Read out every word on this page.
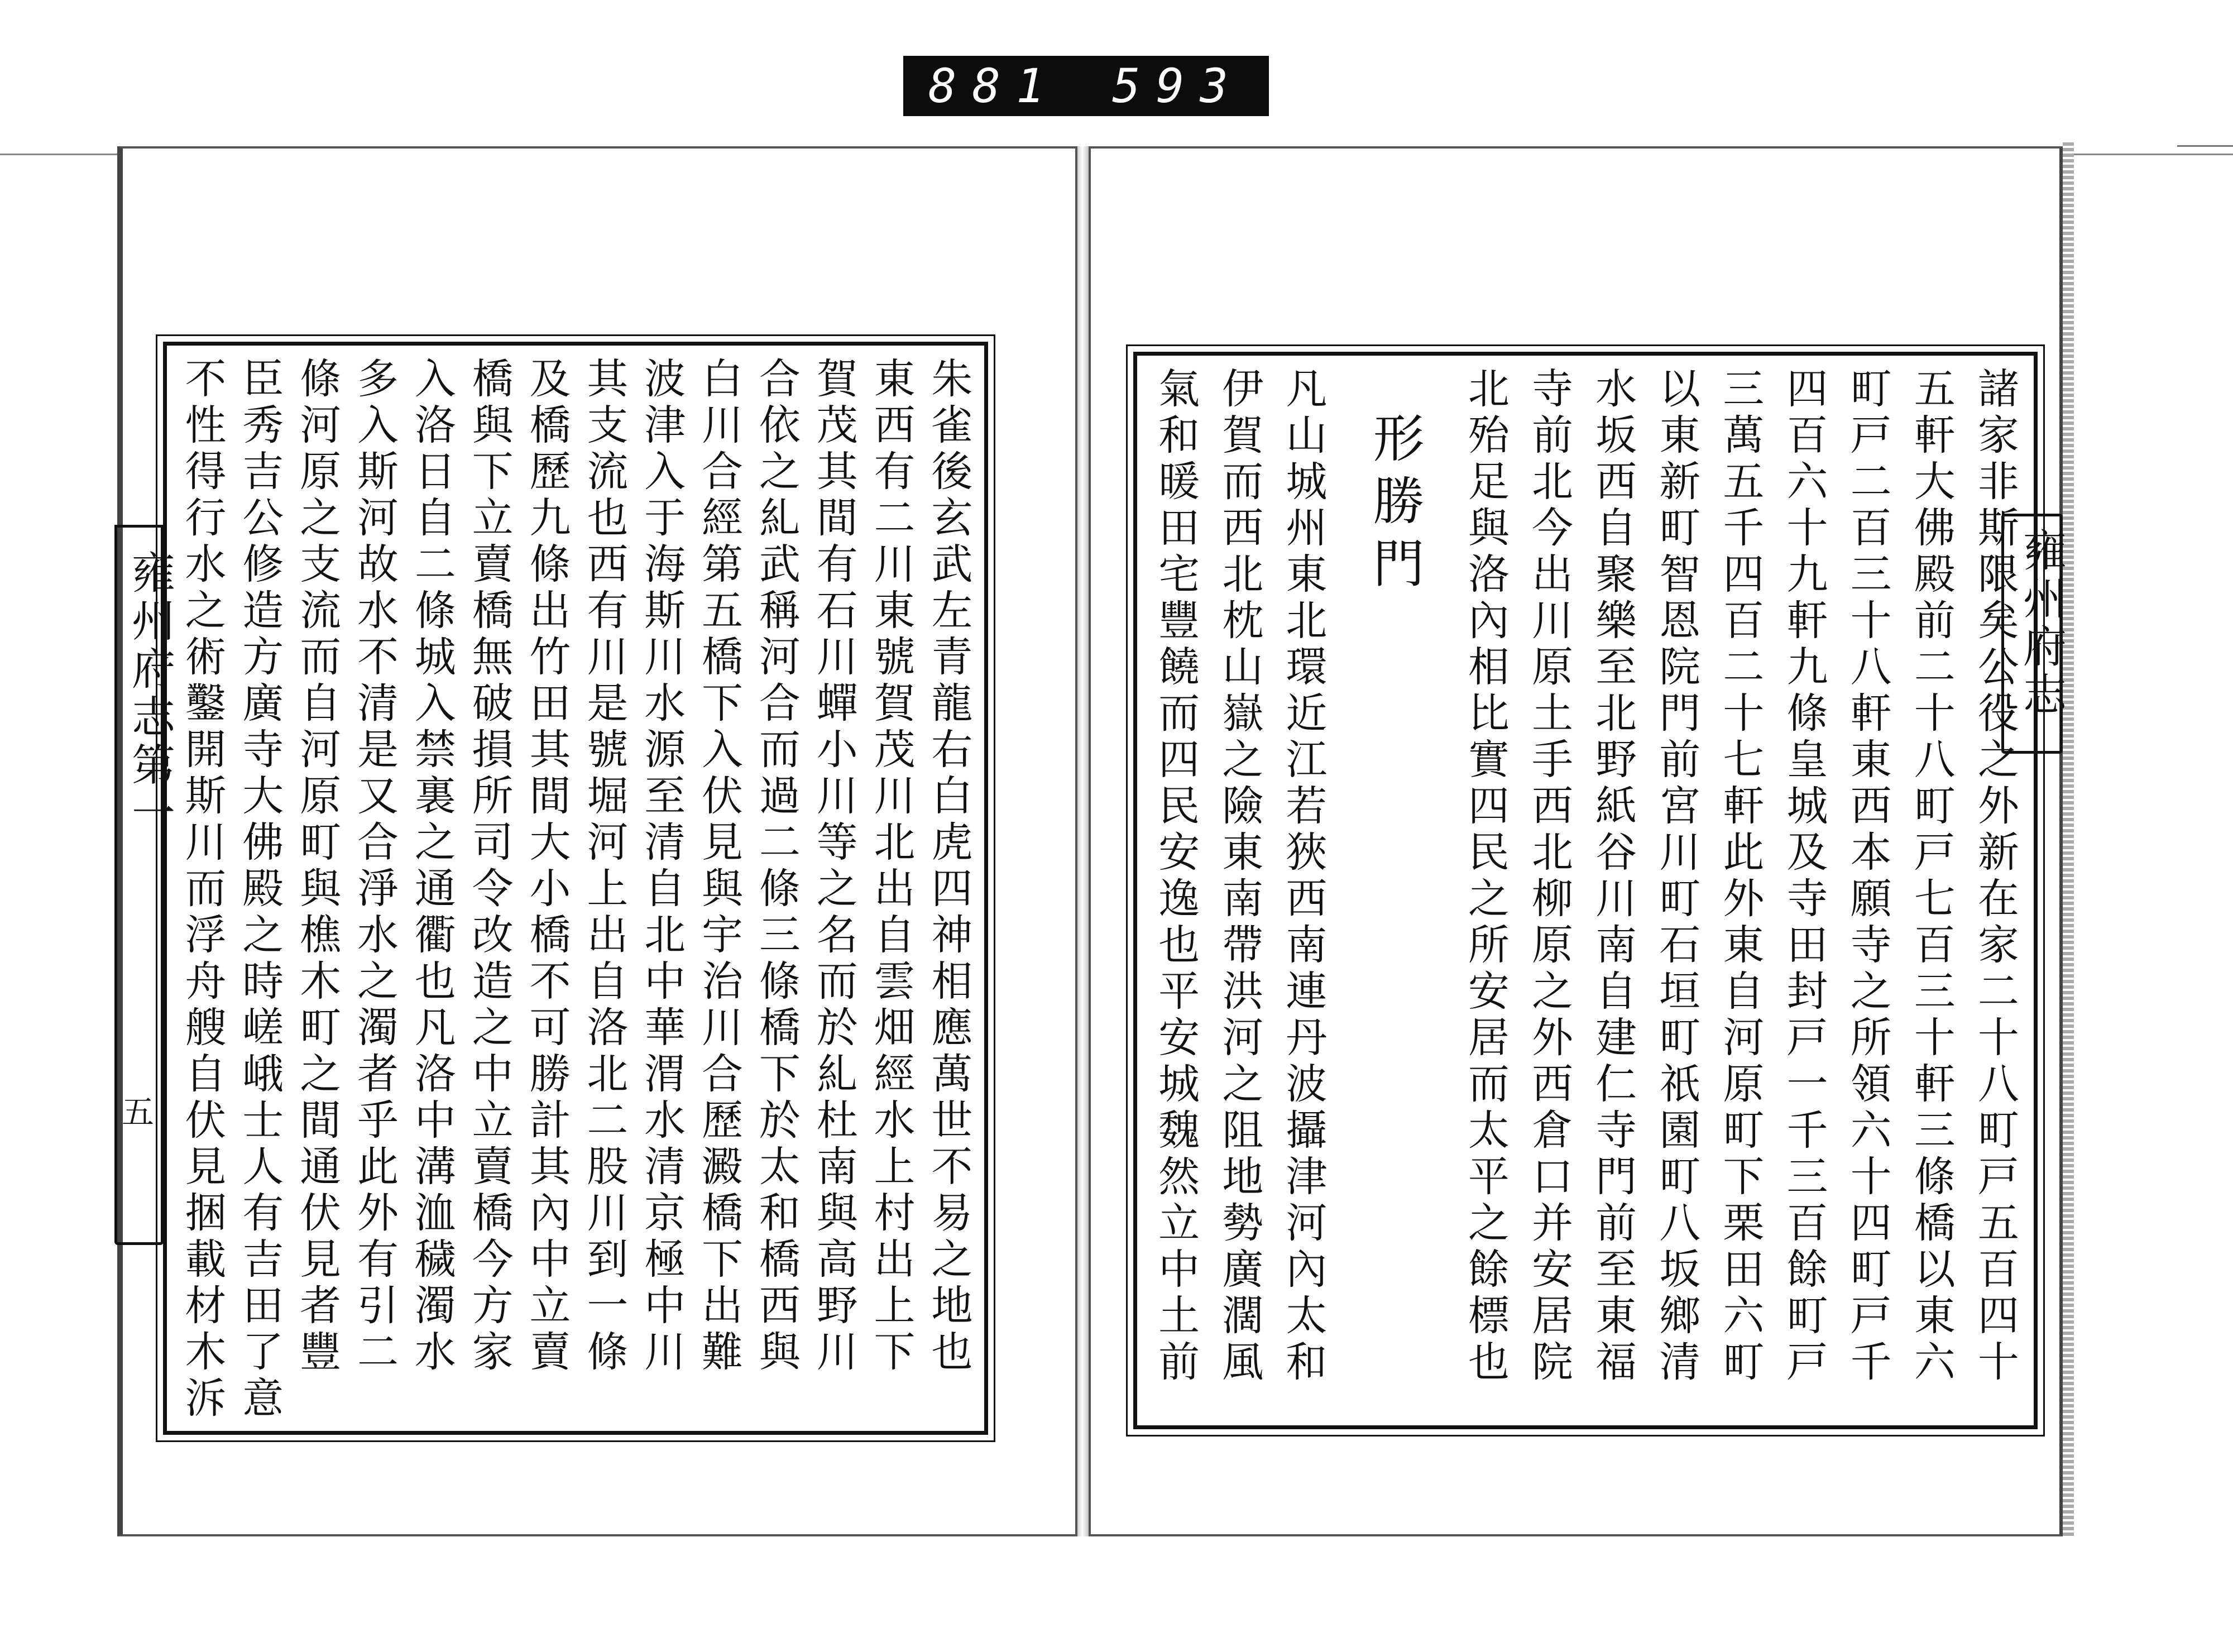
881 593
雍州府志第一
五
雍州府志
朱雀後玄武左青龍右白虎四神相應萬世不易之地也
東西有二川東號賀茂川北出自雲畑經水上村出上下
賀茂其間有石川蟬小川等之名而於糺杜南與高野川
合依之糺武稱河合而過二條三條橋下於太和橋西與
白川合經第五橋下入伏見與宇治川合歷澱橋下出難
波津入于海斯川水源至清自北中華渭水清京極中川
其支流也西有川是號堀河上出自洛北二股川到一條
及橋歷九條出竹田其間大小橋不可勝計其內中立賣
橋與下立賣橋無破損所司令改造之中立賣橋今方家
入洛日自二條城入禁裏之通衢也凡洛中溝洫穢濁水
多入斯河故水不清是又合淨水之濁者乎此外有引二
條河原之支流而自河原町與樵木町之間通伏見者豐
臣秀吉公修造方廣寺大佛殿之時嵯峨士人有吉田了意
不性得行水之術鑿開斯川而浮舟艘自伏見捆載材木泝	諸家非斯限矣公役之外新在家二十八町戸五百四十
五軒大佛殿前二十八町戸七百三十軒三條橋以東六
町戸二百三十八軒東西本願寺之所領六十四町戸千
四百六十九軒九條皇城及寺田封戸一千三百餘町戸
三萬五千四百二十七軒此外東自河原町下栗田六町
以東新町智恩院門前宮川町石垣町祇園町八坂鄉清
水坂西自聚樂至北野紙谷川南自建仁寺門前至東福
寺前北今出川原土手西北柳原之外西倉口并安居院
北殆足與洛內相比實四民之所安居而太平之餘標也
形勝門
凡山城州東北環近江若狹西南連丹波攝津河內太和
伊賀而西北枕山嶽之險東南帶洪河之阻地勢廣濶風
氣和暖田宅豐饒而四民安逸也平安城魏然立中土前
